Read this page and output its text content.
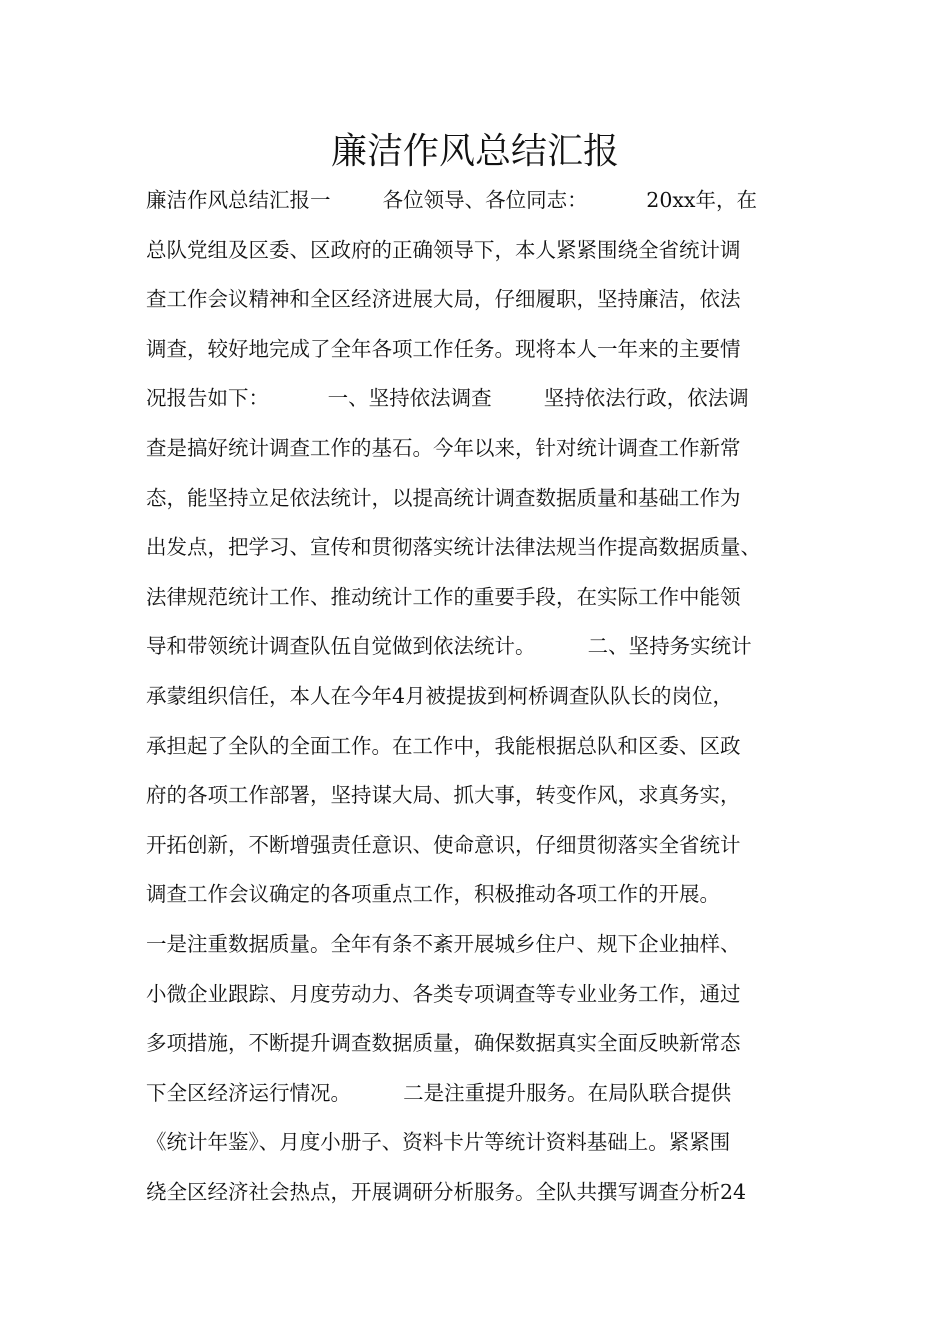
廉洁作风总结汇报
廉洁作风总结汇报一        各位领导、各位同志：         20xx年，在
总队党组及区委、区政府的正确领导下，本人紧紧围绕全省统计调
查工作会议精神和全区经济进展大局，仔细履职，坚持廉洁，依法
调查，较好地完成了全年各项工作任务。现将本人一年来的主要情
况报告如下：         一、坚持依法调查        坚持依法行政，依法调
查是搞好统计调查工作的基石。今年以来，针对统计调查工作新常
态，能坚持立足依法统计，以提高统计调查数据质量和基础工作为
出发点，把学习、宣传和贯彻落实统计法律法规当作提高数据质量、
法律规范统计工作、推动统计工作的重要手段，在实际工作中能领
导和带领统计调查队伍自觉做到依法统计。        二、坚持务实统计
承蒙组织信任，本人在今年4月被提拔到柯桥调查队队长的岗位，
承担起了全队的全面工作。在工作中，我能根据总队和区委、区政
府的各项工作部署，坚持谋大局、抓大事，转变作风，求真务实，
开拓创新，不断增强责任意识、使命意识，仔细贯彻落实全省统计
调查工作会议确定的各项重点工作，积极推动各项工作的开展。
一是注重数据质量。全年有条不紊开展城乡住户、规下企业抽样、
小微企业跟踪、月度劳动力、各类专项调查等专业业务工作，通过
多项措施，不断提升调查数据质量，确保数据真实全面反映新常态
下全区经济运行情况。        二是注重提升服务。在局队联合提供
《统计年鉴》、月度小册子、资料卡片等统计资料基础上。紧紧围
绕全区经济社会热点，开展调研分析服务。全队共撰写调查分析24
